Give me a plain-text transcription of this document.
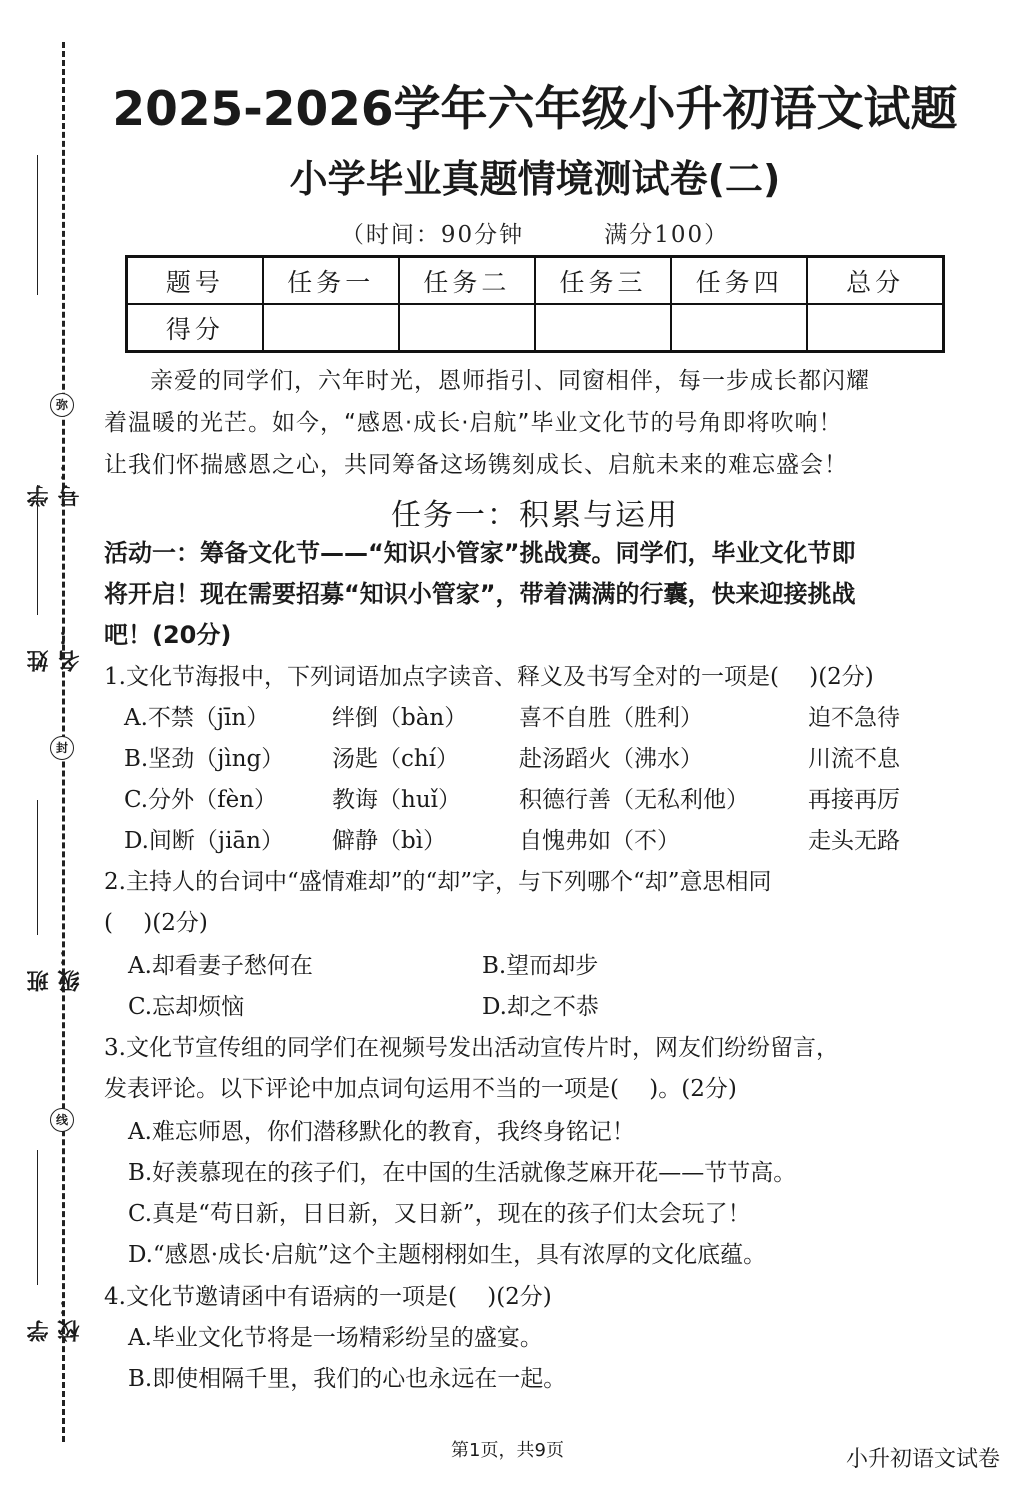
弥
封
线
学号：
姓名：
班级：
学校：
2025-2026学年六年级小升初语文试题
小学毕业真题情境测试卷(二)
（时间：90分钟	满分100）
题号	任务一	任务二	任务三	任务四	总分
得分					

亲爱的同学们，六年时光，恩师指引、同窗相伴，每一步成长都闪耀

着温暖的光芒。如今，“感恩·成长·启航”毕业文化节的号角即将吹响！

让我们怀揣感恩之心，共同筹备这场镌刻成长、启航未来的难忘盛会！

任务一：积累与运用
活动一：筹备文化节——“知识小管家”挑战赛。同学们，毕业文化节即
将开启！现在需要招募“知识小管家”，带着满满的行囊，快来迎接挑战
吧！(20分)
1.文化节海报中，下列词语加点字读音、释义及书写全对的一项是(　 )(2分)
A.不禁（jīn）	绊倒（bàn） 喜不自胜（胜利）	迫不急待
B.坚劲（jìng） 汤匙（chí）	赴汤蹈火（沸水）	川流不息
C.分外（fèn） 教诲（huǐ）	积德行善（无私利他）	再接再厉
D.间断（jiān） 僻静（bì）	自愧弗如（不）	走头无路

2.主持人的台词中“盛情难却”的“却”字，与下列哪个“却”意思相同

(　 )(2分)

A.却看妻子愁何在	B.望而却步
C.忘却烦恼	D.却之不恭

3.文化节宣传组的同学们在视频号发出活动宣传片时，网友们纷纷留言，

发表评论。以下评论中加点词句运用不当的一项是(　 )。(2分)

A.难忘师恩，你们潜移默化的教育，我终身铭记！
B.好羡慕现在的孩子们，在中国的生活就像芝麻开花——节节高。
C.真是“苟日新，日日新，又日新”，现在的孩子们太会玩了！
D.“感恩·成长·启航”这个主题栩栩如生，具有浓厚的文化底蕴。
4.文化节邀请函中有语病的一项是(　 )(2分)
A.毕业文化节将是一场精彩纷呈的盛宴。
B.即使相隔千里，我们的心也永远在一起。
第1页，共9页	小升初语文试卷
